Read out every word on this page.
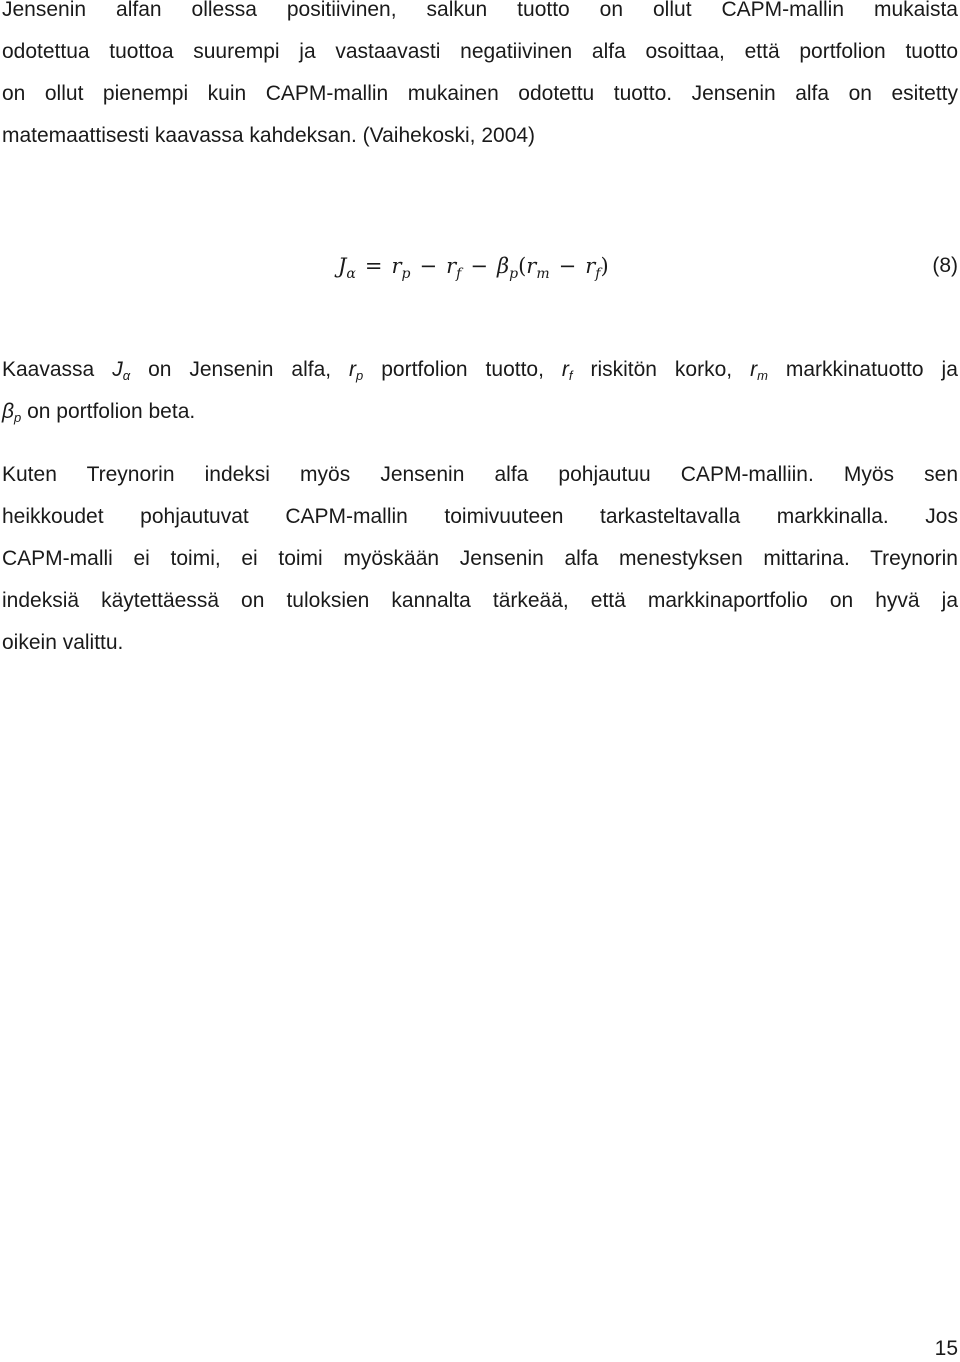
Jensenin alfan ollessa positiivinen, salkun tuotto on ollut CAPM-mallin mukaista
odotettua tuottoa suurempi ja vastaavasti negatiivinen alfa osoittaa, että portfolion tuotto
on ollut pienempi kuin CAPM-mallin mukainen odotettu tuotto. Jensenin alfa on esitetty
matemaattisesti kaavassa kahdeksan. (Vaihekoski, 2004)

$J_\alpha = r_p - r_f - \beta_p(r_m - r_f)$	(8)

Kaavassa $J_\alpha$ on Jensenin alfa, $r_p$ portfolion tuotto, $r_f$ riskitön korko, $r_m$ markkinatuotto ja
$\beta_p$ on portfolion beta.

Kuten Treynorin indeksi myös Jensenin alfa pohjautuu CAPM-malliin. Myös sen
heikkoudet pohjautuvat CAPM-mallin toimivuuteen tarkasteltavalla markkinalla. Jos
CAPM-malli ei toimi, ei toimi myöskään Jensenin alfa menestyksen mittarina. Treynorin
indeksiä käytettäessä on tuloksien kannalta tärkeää, että markkinaportfolio on hyvä ja
oikein valittu.

15
